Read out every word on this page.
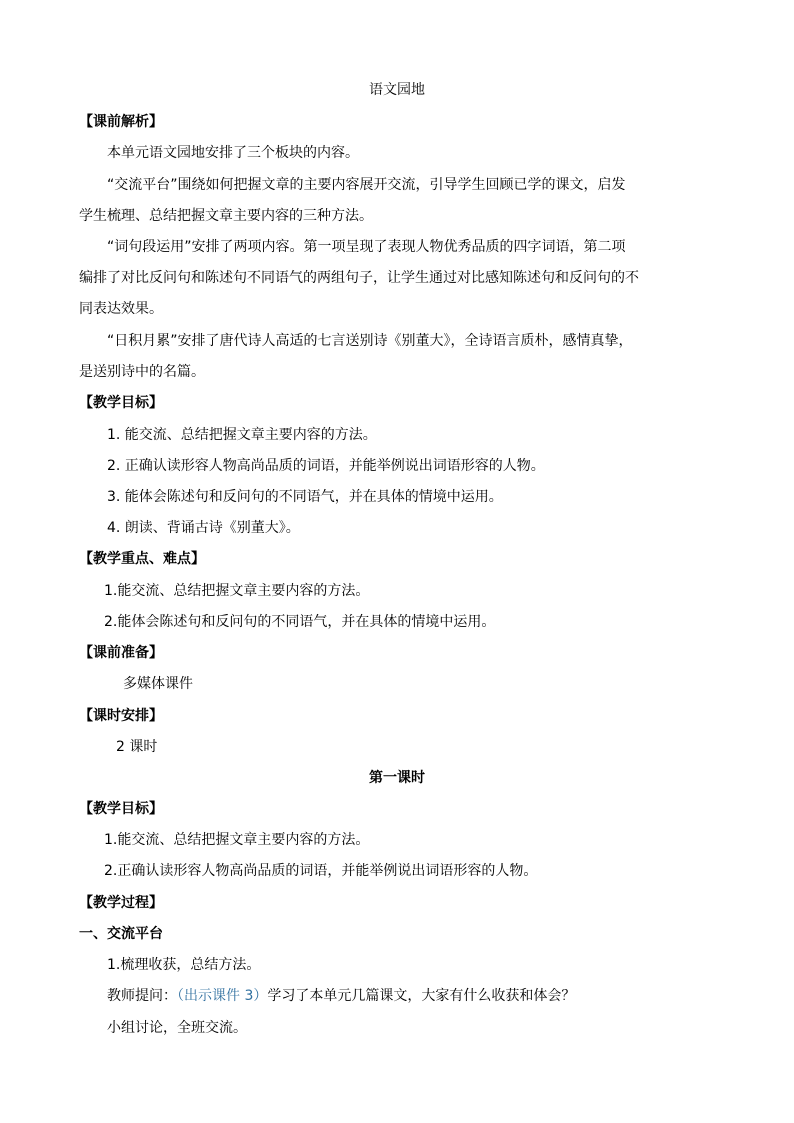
语文园地
【课前解析】
本单元语文园地安排了三个板块的内容。
“交流平台”围绕如何把握文章的主要内容展开交流，引导学生回顾已学的课文，启发
学生梳理、总结把握文章主要内容的三种方法。
“词句段运用”安排了两项内容。第一项呈现了表现人物优秀品质的四字词语，第二项
编排了对比反问句和陈述句不同语气的两组句子，让学生通过对比感知陈述句和反问句的不
同表达效果。
“日积月累”安排了唐代诗人高适的七言送别诗《别董大》，全诗语言质朴，感情真挚，
是送别诗中的名篇。
【教学目标】
1. 能交流、总结把握文章主要内容的方法。
2. 正确认读形容人物高尚品质的词语，并能举例说出词语形容的人物。
3. 能体会陈述句和反问句的不同语气，并在具体的情境中运用。
4. 朗读、背诵古诗《别董大》。
【教学重点、难点】
1.能交流、总结把握文章主要内容的方法。
2.能体会陈述句和反问句的不同语气，并在具体的情境中运用。
【课前准备】
多媒体课件
【课时安排】
2 课时
第一课时
【教学目标】
1.能交流、总结把握文章主要内容的方法。
2.正确认读形容人物高尚品质的词语，并能举例说出词语形容的人物。
【教学过程】
一、交流平台
1.梳理收获，总结方法。
教师提问：（出示课件 3）学习了本单元几篇课文，大家有什么收获和体会？
小组讨论，全班交流。
